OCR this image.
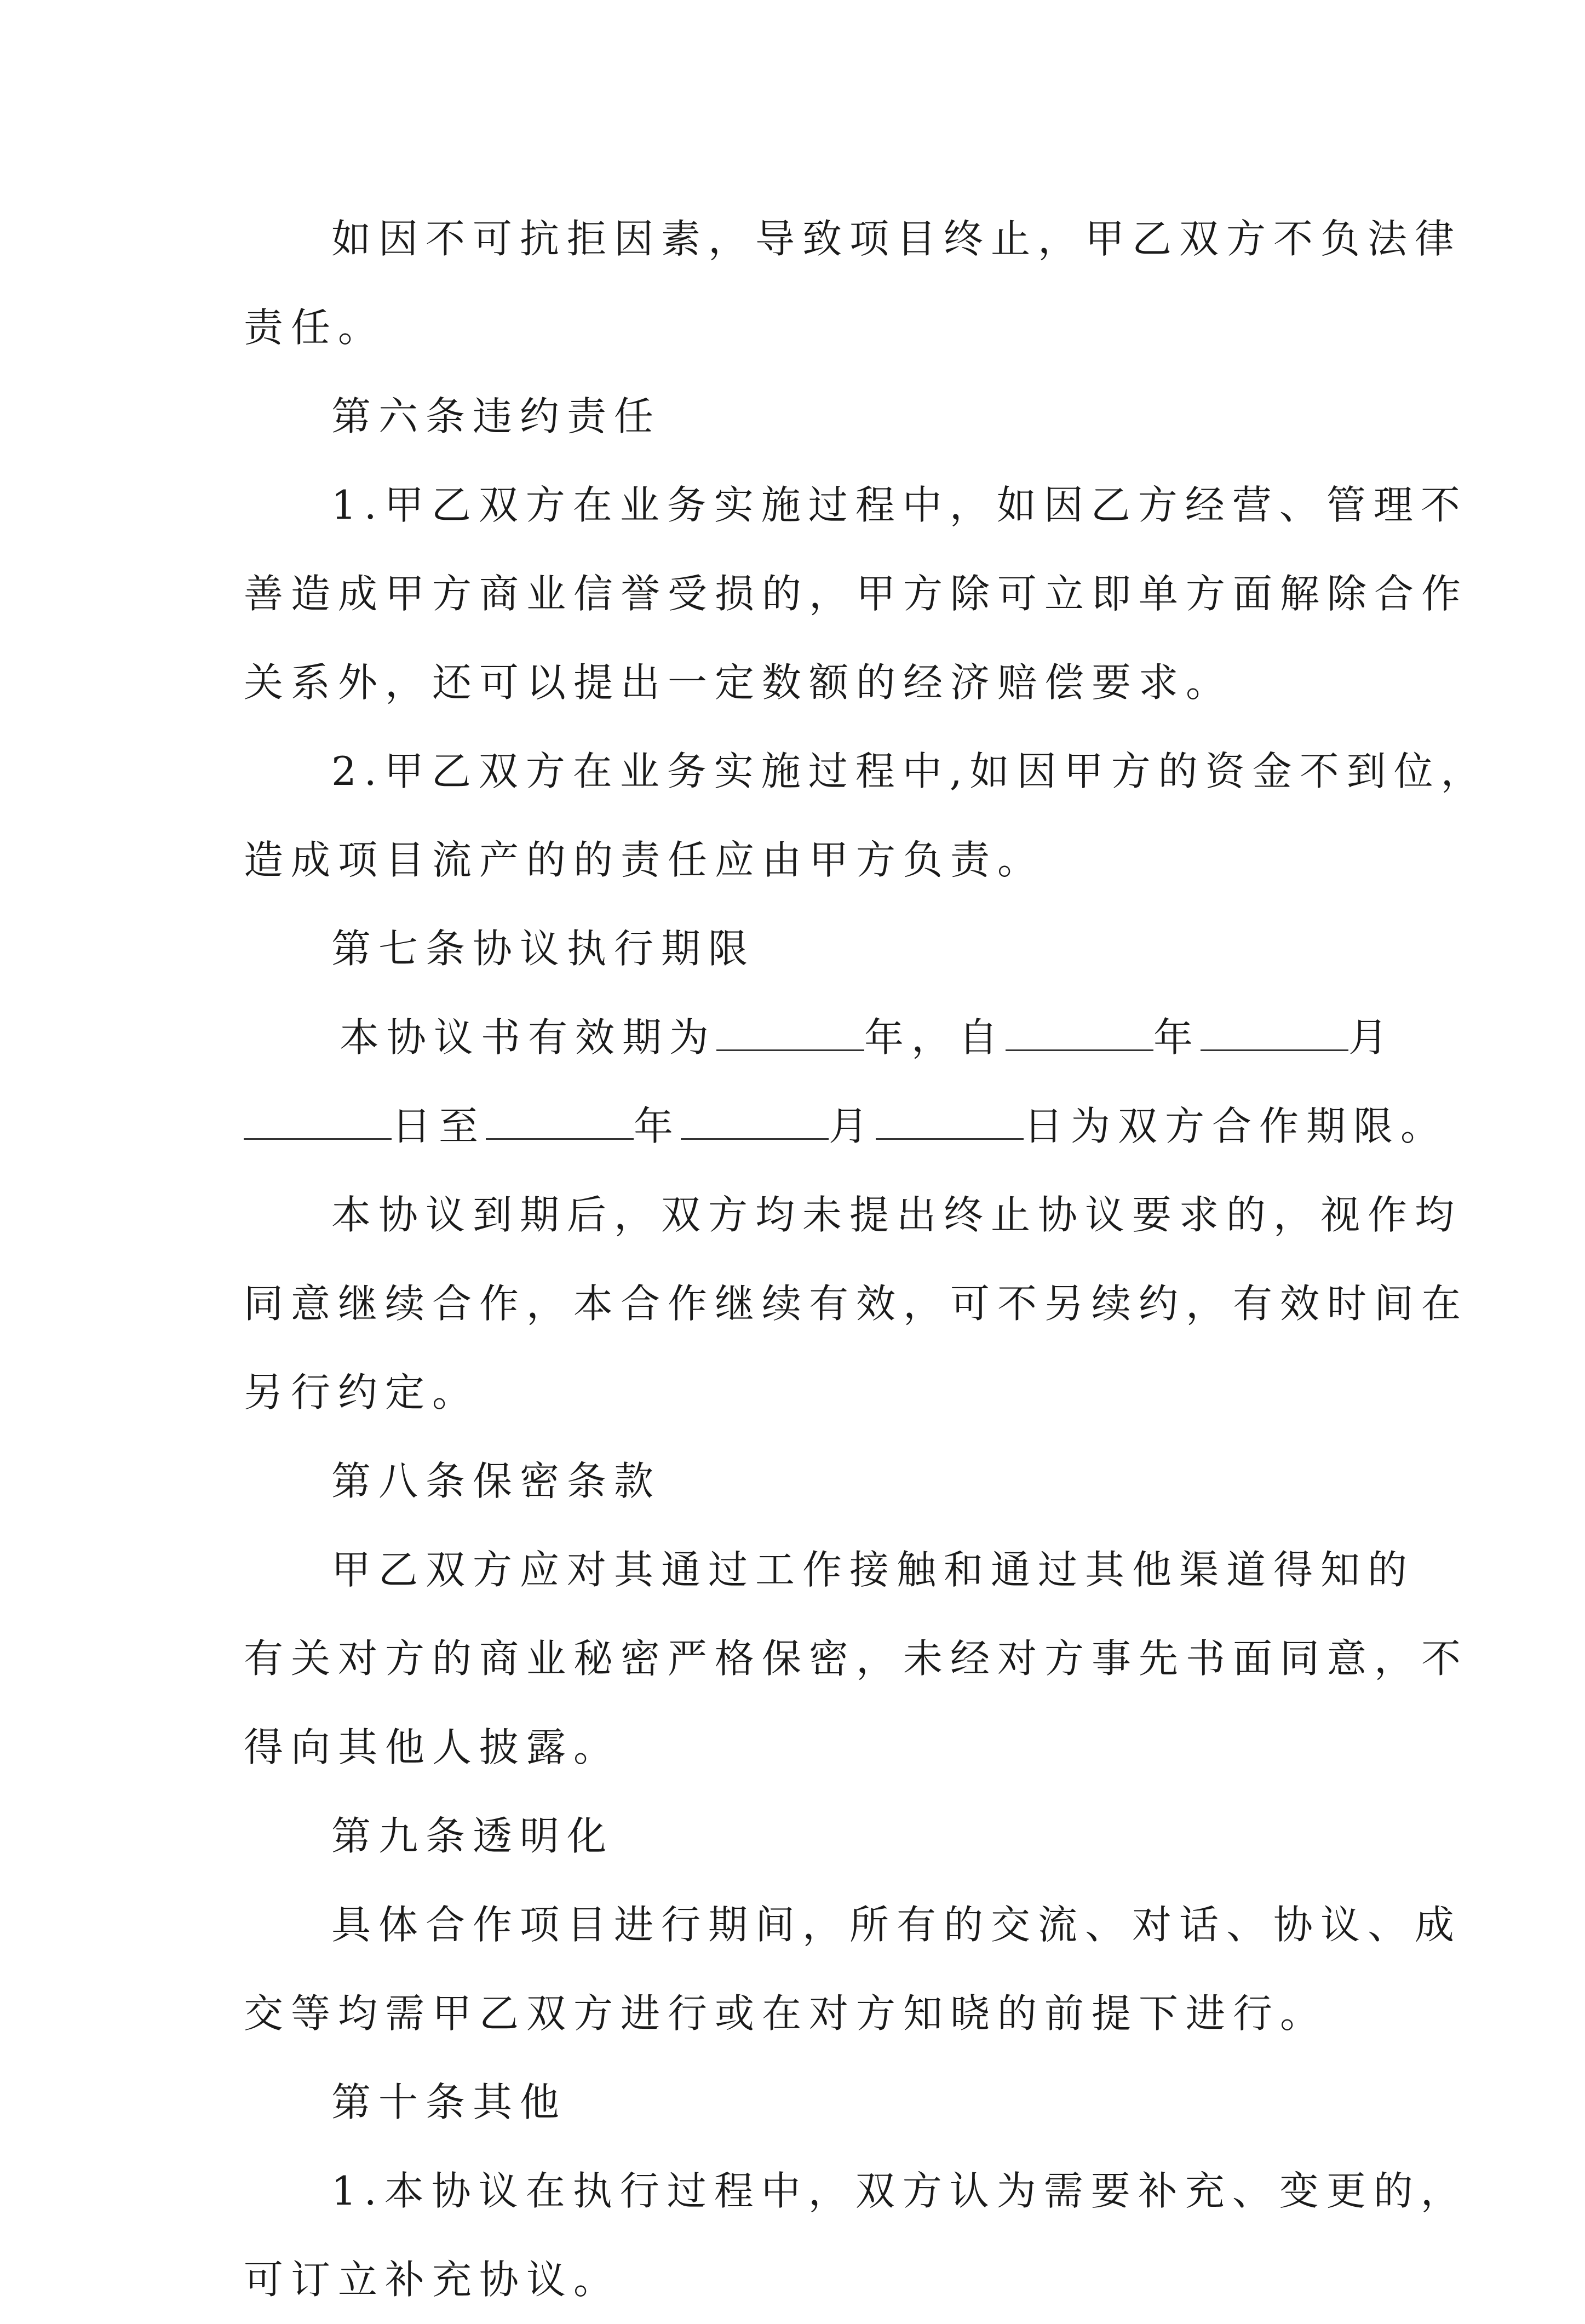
如因不可抗拒因素，导致项目终止，甲乙双方不负法律
责任。
第六条违约责任
1.甲乙双方在业务实施过程中，如因乙方经营、管理不
善造成甲方商业信誉受损的，甲方除可立即单方面解除合作
关系外，还可以提出一定数额的经济赔偿要求。
2.甲乙双方在业务实施过程中,如因甲方的资金不到位，
造成项目流产的的责任应由甲方负责。
第七条协议执行期限
本协议书有效期为	年，自	年	月
日至	年	月	日为双方合作期限。
本协议到期后，双方均未提出终止协议要求的，视作均
同意继续合作，本合作继续有效，可不另续约，有效时间在
另行约定。
第八条保密条款
甲乙双方应对其通过工作接触和通过其他渠道得知的
有关对方的商业秘密严格保密，未经对方事先书面同意，不
得向其他人披露。
第九条透明化
具体合作项目进行期间，所有的交流、对话、协议、成
交等均需甲乙双方进行或在对方知晓的前提下进行。
第十条其他
1.本协议在执行过程中，双方认为需要补充、变更的，
可订立补充协议。
